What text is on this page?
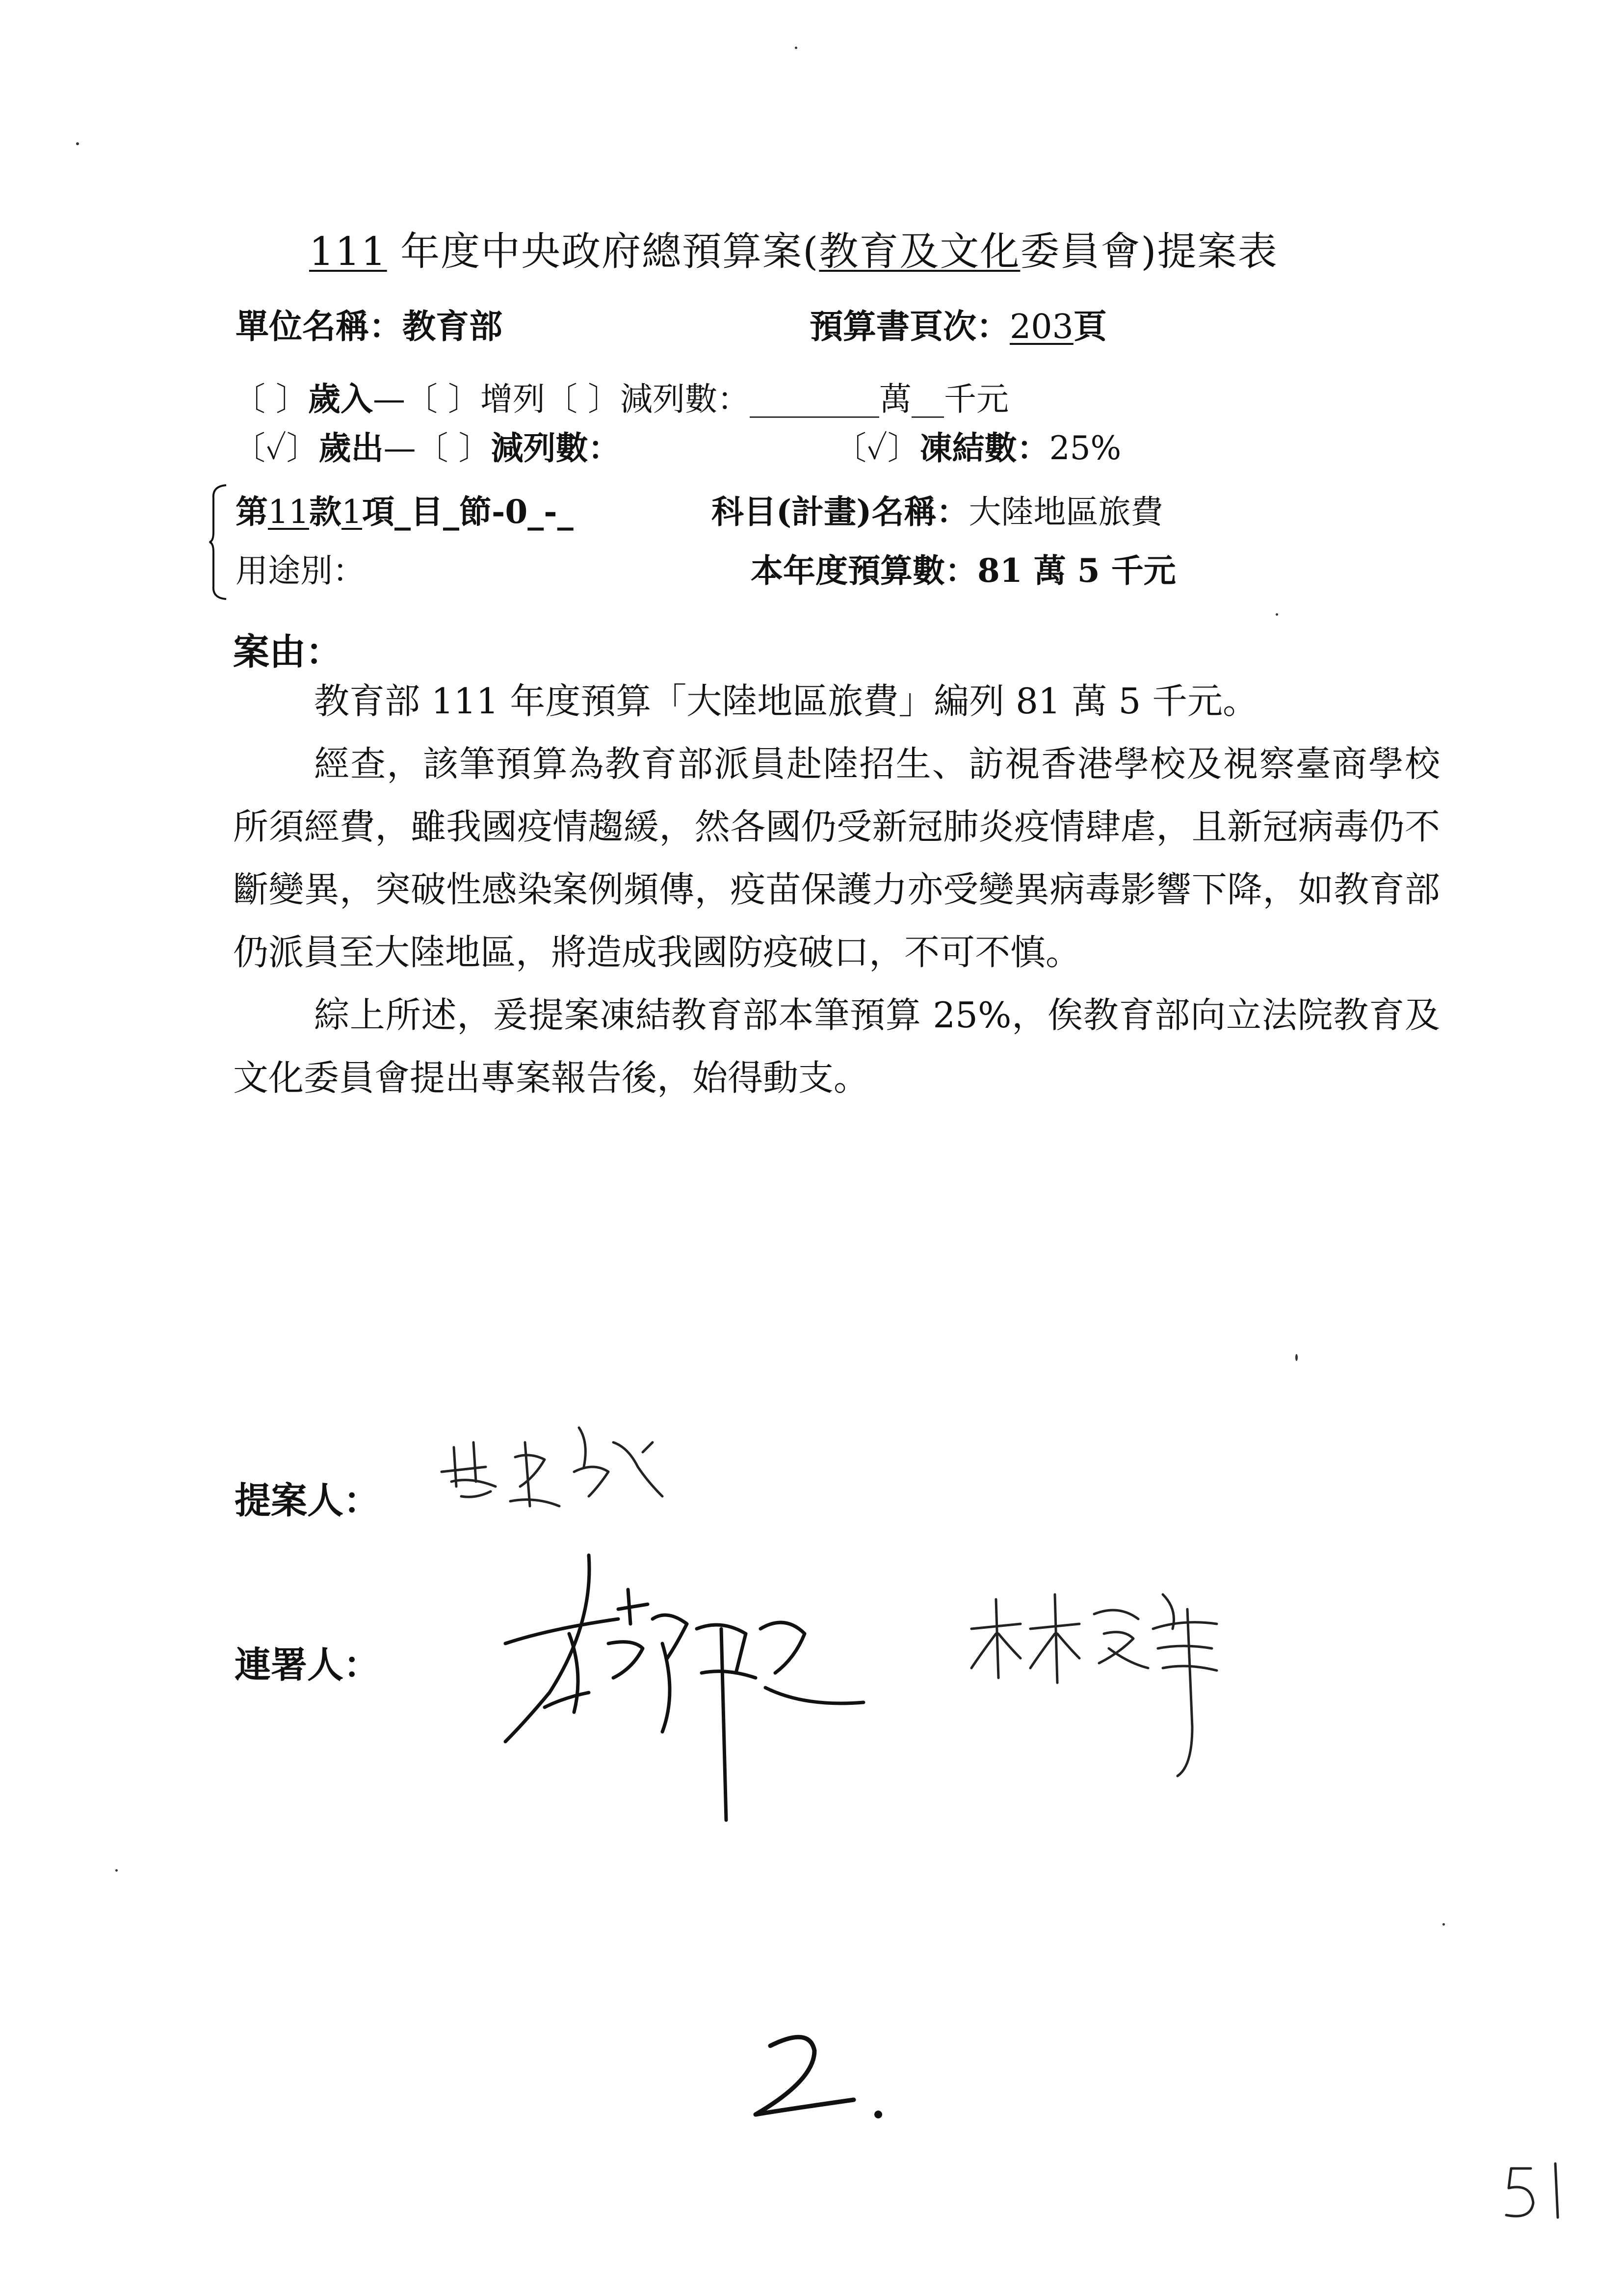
111 年度中央政府總預算案(教育及文化委員會)提案表
單位名稱：教育部	預算書頁次：203頁
〔 〕歲入—〔 〕增列〔 〕減列數：________萬__千元
〔✓〕歲出—〔 〕減列數：	〔✓〕凍結數：25%
第11款1項_目_節-0_-_	科目(計畫)名稱：大陸地區旅費
用途別：	本年度預算數：81 萬 5 千元
案由：
教育部 111 年度預算「大陸地區旅費」編列 81 萬 5 千元。
經查，該筆預算為教育部派員赴陸招生、訪視香港學校及視察臺商學校所須經費，雖我國疫情趨緩，然各國仍受新冠肺炎疫情肆虐，且新冠病毒仍不斷變異，突破性感染案例頻傳，疫苗保護力亦受變異病毒影響下降，如教育部仍派員至大陸地區，將造成我國防疫破口，不可不慎。
綜上所述，爰提案凍結教育部本筆預算 25%，俟教育部向立法院教育及文化委員會提出專案報告後，始得動支。
提案人：
連署人：
